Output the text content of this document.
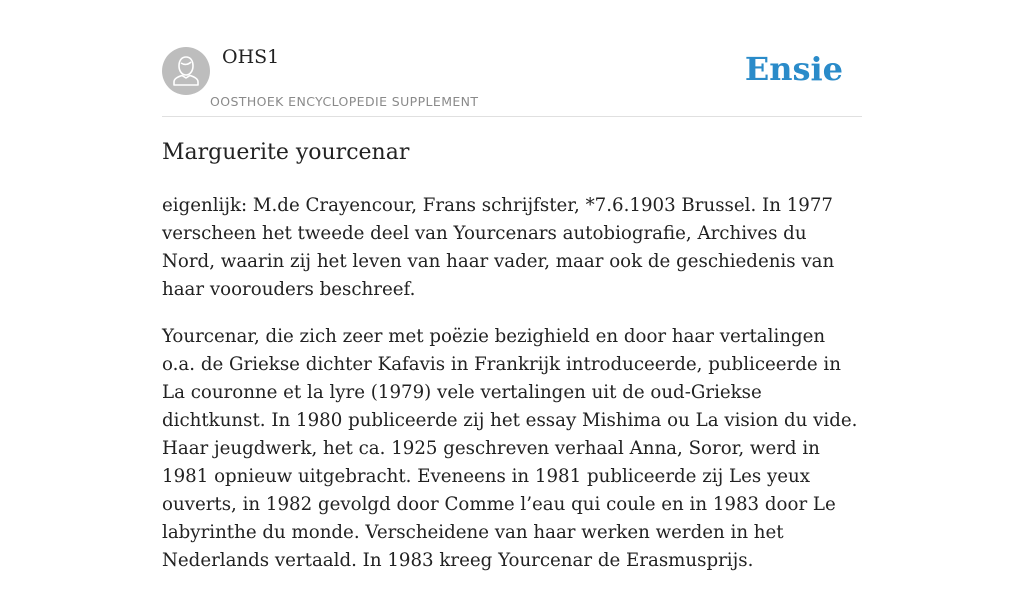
OHS1
OOSTHOEK ENCYCLOPEDIE SUPPLEMENT
Ensie
Marguerite yourcenar

eigenlijk: M.de Crayencour, Frans schrijfster, *7.6.1903 Brussel. In 1977 verscheen het tweede deel van Yourcenars autobiografie, Archives du Nord, waarin zij het leven van haar vader, maar ook de geschiedenis van haar voorouders beschreef.

Yourcenar, die zich zeer met poëzie bezighield en door haar vertalingen o.a. de Griekse dichter Kafavis in Frankrijk introduceerde, publiceerde in La couronne et la lyre (1979) vele vertalingen uit de oud-Griekse dichtkunst. In 1980 publiceerde zij het essay Mishima ou La vision du vide. Haar jeugdwerk, het ca. 1925 geschreven verhaal Anna, Soror, werd in 1981 opnieuw uitgebracht. Eveneens in 1981 publiceerde zij Les yeux ouverts, in 1982 gevolgd door Comme l’eau qui coule en in 1983 door Le labyrinthe du monde. Verscheidene van haar werken werden in het Nederlands vertaald. In 1983 kreeg Yourcenar de Erasmusprijs.
